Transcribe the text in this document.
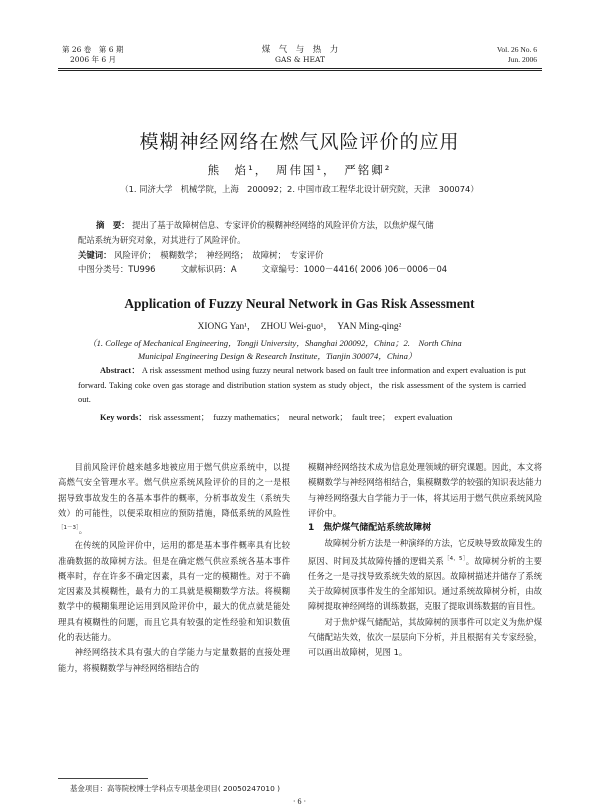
第 26 卷　第 6 期
2006 年 6 月
煤　气　与　热　力
GAS & HEAT
Vol. 26 No. 6
Jun. 2006
模糊神经网络在燃气风险评价的应用
熊　焰¹，　周伟国¹，　严铭卿²
（1. 同济大学　机械学院，上海　200092；2. 中国市政工程华北设计研究院，天津　300074）
摘　要： 提出了基于故障树信息、专家评价的模糊神经网络的风险评价方法，以焦炉煤气储
配站系统为研究对象，对其进行了风险评价。
关键词： 风险评价；　模糊数学；　神经网络；　故障树；　专家评价
中图分类号：TU996　　　文献标识码：A　　　文章编号：1000－4416( 2006 )06－0006－04
Application of Fuzzy Neural Network in Gas Risk Assessment
XIONG Yan¹，　ZHOU Wei-guo¹，　YAN Ming-qing²
（1. College of Mechanical Engineering，Tongji University，Shanghai 200092，China；2.　North China
Municipal Engineering Design & Research Institute，Tianjin 300074，China）
Abstract： A risk assessment method using fuzzy neural network based on fault tree information and expert evaluation is put forward. Taking coke oven gas storage and distribution station system as study object，the risk assessment of the system is carried out.
Key words： risk assessment；　fuzzy mathematics；　neural network；　fault tree；　expert evaluation

目前风险评价越来越多地被应用于燃气供应系统中，以提高燃气安全管理水平。燃气供应系统风险评价的目的之一是根据导致事故发生的各基本事件的概率，分析事故发生（系统失效）的可能性，以便采取相应的预防措施，降低系统的风险性$^{[1-3]}$。

在传统的风险评价中，运用的都是基本事件概率具有比较准确数据的故障树方法。但是在确定燃气供应系统各基本事件概率时，存在许多不确定因素，具有一定的模糊性。对于不确定因素及其模糊性，最有力的工具就是模糊数学方法。将模糊数学中的模糊集理论运用到风险评价中，最大的优点就是能处理具有模糊性的问题，而且它具有较强的定性经验和知识数值化的表达能力。

神经网络技术具有强大的自学能力与定量数据的直接处理能力，将模糊数学与神经网络相结合的

模糊神经网络技术成为信息处理领域的研究课题。因此，本文将模糊数学与神经网络相结合，集模糊数学的较强的知识表达能力与神经网络强大自学能力于一体，将其运用于燃气供应系统风险评价中。

1　 焦炉煤气储配站系统故障树

故障树分析方法是一种演绎的方法，它反映导致故障发生的原因、时间及其故障传播的逻辑关系$^{[4,5]}$。故障树分析的主要任务之一是寻找导致系统失效的原因。故障树描述并储存了系统关于故障树顶事件发生的全部知识。通过系统故障树分析，由故障树提取神经网络的训练数据，克服了提取训练数据的盲目性。

对于焦炉煤气储配站，其故障树的顶事件可以定义为焦炉煤气储配站失效，依次一层层向下分析，并且根据有关专家经验，可以画出故障树，见图 1。

基金项目：高等院校博士学科点专项基金项目( 20050247010 )
· 6 ·
